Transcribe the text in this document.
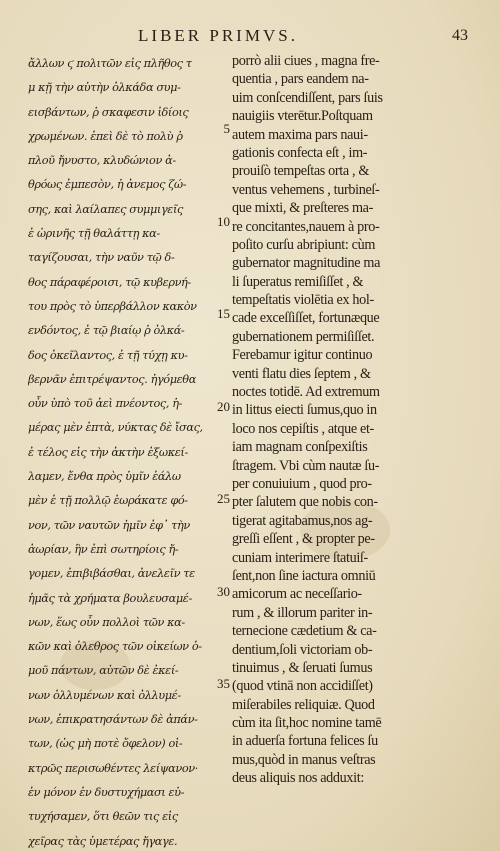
LIBER PRIMVS.	43
ἄλλων ϛ πολιτῶν εἰς πλῆθος τ
μ κῇ τὴν αὐτὴν ὁλκάδα συμ-
εισβάντων, ῥ σκαφεσιν ἰδίοις
χρωμένων. ἐπεὶ δὲ τὸ πολὺ ῥ
πλοῦ ἤνυστο, κλυδώνιον ἀ-
θρόως ἐμπεσὸν, ἠ ἀνεμος ζώ-
σης, καὶ λαίλαπες συμμιγεῖς
ἐ ὠρινῆς τῇ θαλάττῃ κα-
ταγίζουσαι, τὴν ναῦν τῷ δ-
θος πάραφέροισι, τῷ κυβερνή-
του πρὸς τὸ ὑπερβάλλον κακὸν
ενδόντος, ἐ τῷ βιαίῳ ῥ ὁλκά-
δος ὀκεῖλαντος, ἐ τῇ τύχῃ κυ-
βερνᾶν ἐπιτρέψαντος. ἠγόμεθα
οὖν ὑπὸ τοῦ ἀεὶ πνέοντος, ἡ-
μέρας μὲν ἑπτὰ, νύκτας δὲ ἴσας,
ἐ τέλος εἰς τὴν ἀκτὴν ἐξωκεί-
λαμεν, ἔνθα πρὸς ὑμῖν ἑάλω
μὲν ἐ τῇ πολλῷ ἑωράκατε φό-
νον, τῶν ναυτῶν ἡμῖν ἐφ᾽ τὴν
ἀωρίαν, ἣν ἐπὶ σωτηρίοις ἤ-
γομεν, ἐπιβιβάσθαι, ἀνελεῖν τε
ἡμᾶς τὰ χρήματα βουλευσαμέ-
νων, ἕως οὖν πολλοὶ τῶν κα-
κῶν καὶ ὀλεθρος τῶν οἰκείων ὁ-
μοῦ πάντων, αὐτῶν δὲ ἐκεί-
νων ὀλλυμένων καὶ ὀλλυμέ-
νων, ἐπικρατησάντων δὲ ἀπάν-
των, (ὡς μὴ ποτὲ ὄφελον) οἱ-
κτρῶς περισωθέντες λείψανον·
ἐν μόνον ἐν δυστυχήμασι εὐ-
τυχήσαμεν, ὅτι θεῶν τις εἰς
χεῖρας τὰς ὑμετέρας ἤγαγε.
5
10
15
20
25
30
35
porrò alii ciues , magna fre-
quentia , pars eandem na-
uim conſcendiſſent, pars ſuis
nauigiis vterētur.Poſtquam
autem maxima pars naui-
gationis confecta eſt , im-
prouiſò tempeſtas orta , &
ventus vehemens , turbineſ-
que mixti, & preſteres ma-
re concitantes,nauem à pro-
poſito curſu abripiunt: cùm
gubernator magnitudine ma
li ſuperatus remiſiſſet , &
tempeſtatis violētia ex hol-
cade exceſſiſſet, fortunæque
gubernationem permiſiſſet.
Ferebamur igitur continuo
venti flatu dies ſeptem , &
noctes totidē. Ad extremum
in littus eiecti ſumus,quo in
loco nos cepiſtis , atque et-
iam magnam conſpexiſtis
ſtragem. Vbi cùm nautæ ſu-
per conuiuium , quod pro-
pter ſalutem que nobis con-
tigerat agitabamus,nos ag-
greſſi eſſent , & propter pe-
cuniam interimere ſtatuiſ-
ſent,non ſine iactura omniū
amicorum ac neceſſario-
rum , & illorum pariter in-
ternecione cædetium & ca-
dentium,ſoli victoriam ob-
tinuimus , & ſeruati ſumus
(quod vtinā non accidiſſet)
miſerabiles reliquiæ. Quod
cùm ita ſit,hoc nomine tamē
in aduerſa fortuna felices ſu
mus,quòd in manus veſtras
deus aliquis nos adduxit:
